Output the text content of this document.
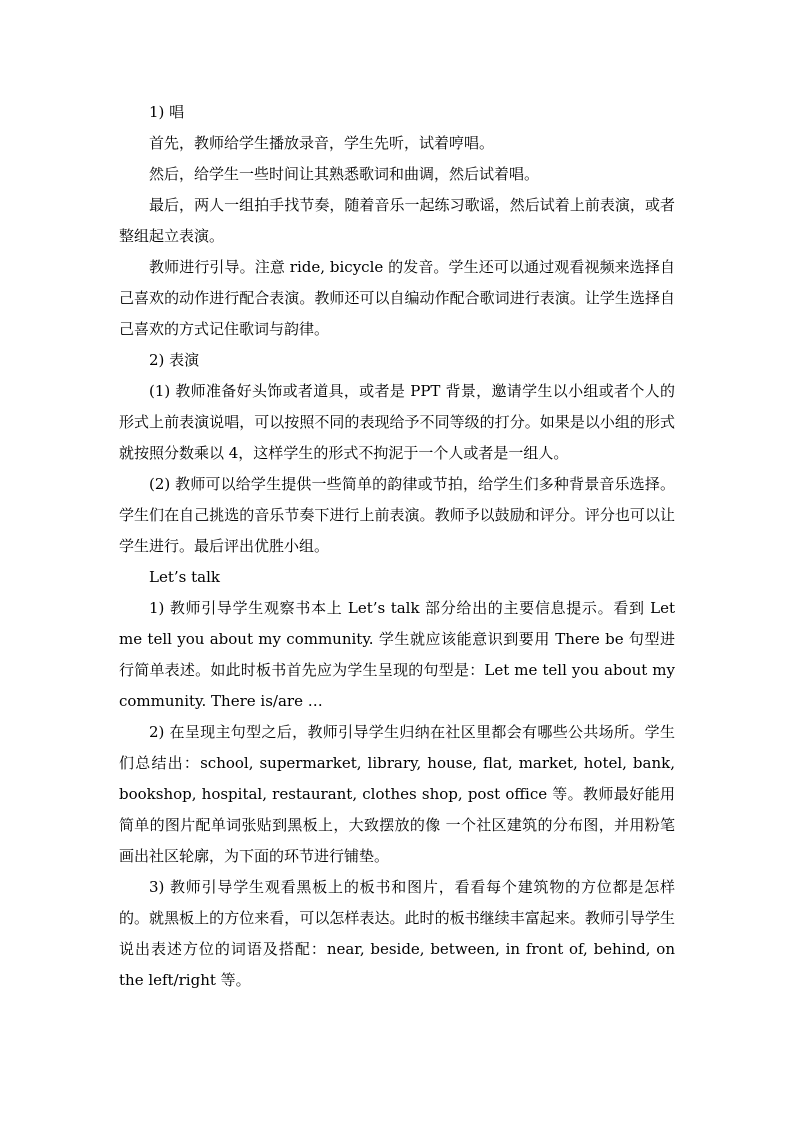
1) 唱

首先，教师给学生播放录音，学生先听，试着哼唱。

然后，给学生一些时间让其熟悉歌词和曲调，然后试着唱。

最后，两人一组拍手找节奏，随着音乐一起练习歌谣，然后试着上前表演，或者整组起立表演。

教师进行引导。注意 ride, bicycle 的发音。学生还可以通过观看视频来选择自己喜欢的动作进行配合表演。教师还可以自编动作配合歌词进行表演。让学生选择自己喜欢的方式记住歌词与韵律。

2) 表演

(1) 教师准备好头饰或者道具，或者是 PPT 背景，邀请学生以小组或者个人的形式上前表演说唱，可以按照不同的表现给予不同等级的打分。如果是以小组的形式就按照分数乘以 4，这样学生的形式不拘泥于一个人或者是一组人。

(2) 教师可以给学生提供一些简单的韵律或节拍，给学生们多种背景音乐选择。学生们在自己挑选的音乐节奏下进行上前表演。教师予以鼓励和评分。评分也可以让学生进行。最后评出优胜小组。

Let’s talk

1) 教师引导学生观察书本上 Let’s talk 部分给出的主要信息提示。看到 Let me tell you about my community. 学生就应该能意识到要用 There be 句型进行简单表述。如此时板书首先应为学生呈现的句型是：Let me tell you about my community. There is/are …

2) 在呈现主句型之后，教师引导学生归纳在社区里都会有哪些公共场所。学生们总结出：school, supermarket, library, house, flat, market, hotel, bank, bookshop, hospital, restaurant, clothes shop, post office 等。教师最好能用简单的图片配单词张贴到黑板上，大致摆放的像 一个社区建筑的分布图，并用粉笔画出社区轮廓，为下面的环节进行铺垫。

3) 教师引导学生观看黑板上的板书和图片，看看每个建筑物的方位都是怎样的。就黑板上的方位来看，可以怎样表达。此时的板书继续丰富起来。教师引导学生说出表述方位的词语及搭配：near, beside, between, in front of, behind, on the left/right 等。
